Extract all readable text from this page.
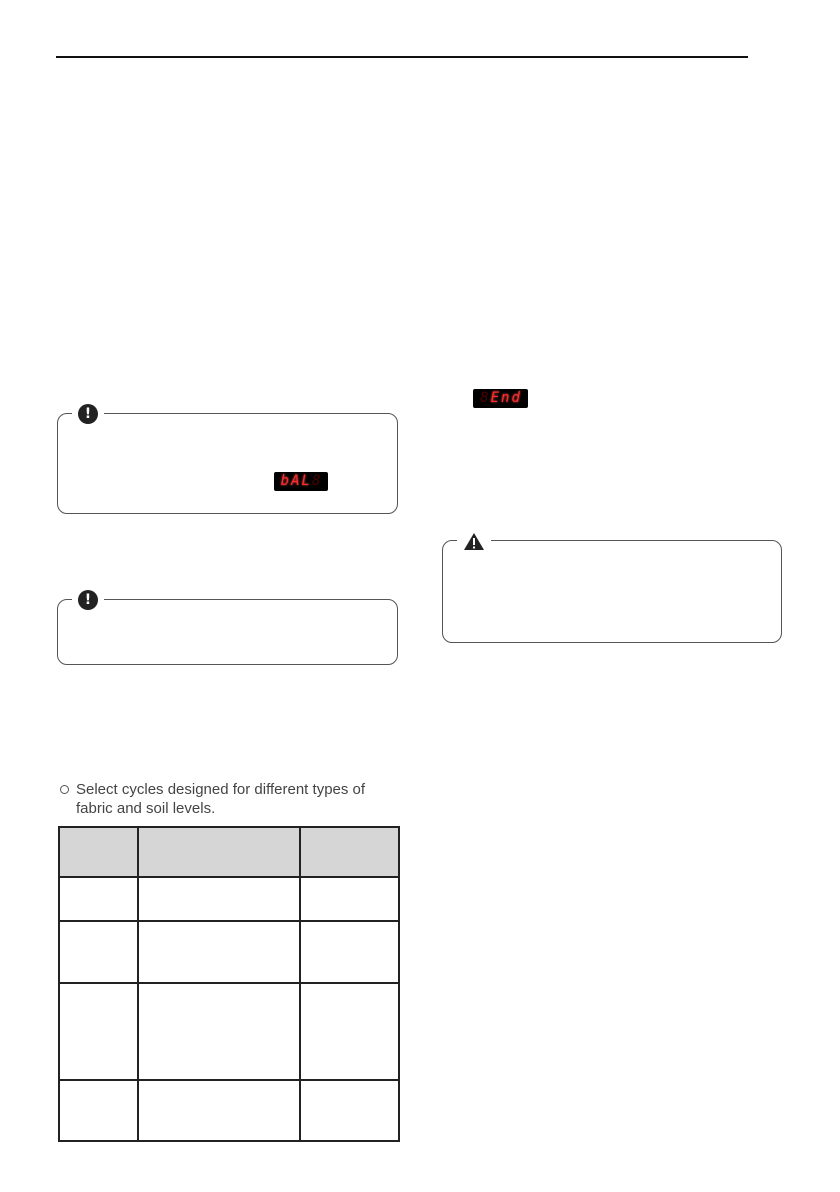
!
b A L 8
!
8 E n d
Select cycles designed for different types of fabric and soil levels.
